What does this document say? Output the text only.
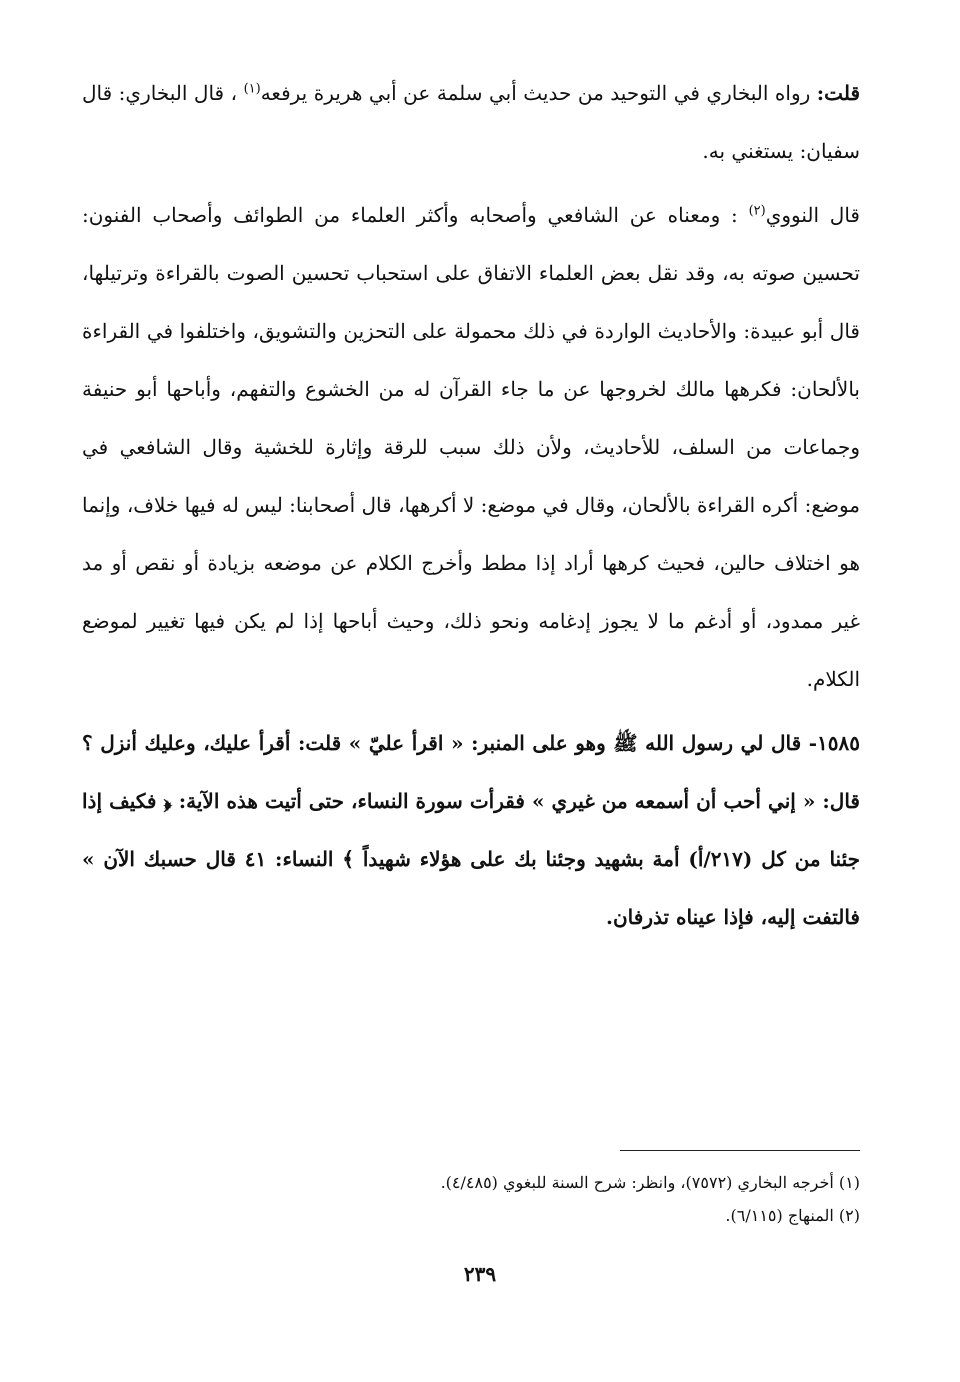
قلت: رواه البخاري في التوحيد من حديث أبي سلمة عن أبي هريرة يرفعه$^{(١)}$ ، قال البخاري: قال سفيان: يستغني به.

قال النووي$^{(٢)}$ : ومعناه عن الشافعي وأصحابه وأكثر العلماء من الطوائف وأصحاب الفنون: تحسين صوته به، وقد نقل بعض العلماء الاتفاق على استحباب تحسين الصوت بالقراءة وترتيلها، قال أبو عبيدة: والأحاديث الواردة في ذلك محمولة على التحزين والتشويق، واختلفوا في القراءة بالألحان: فكرهها مالك لخروجها عن ما جاء القرآن له من الخشوع والتفهم، وأباحها أبو حنيفة وجماعات من السلف، للأحاديث، ولأن ذلك سبب للرقة وإثارة للخشية وقال الشافعي في موضع: أكره القراءة بالألحان، وقال في موضع: لا أكرهها، قال أصحابنا: ليس له فيها خلاف، وإنما هو اختلاف حالين، فحيث كرهها أراد إذا مطط وأخرج الكلام عن موضعه بزيادة أو نقص أو مد غير ممدود، أو أدغم ما لا يجوز إدغامه ونحو ذلك، وحيث أباحها إذا لم يكن فيها تغيير لموضع الكلام.

١٥٨٥- قال لي رسول الله ﷺ وهو على المنبر: « اقرأ عليّ » قلت: أقرأ عليك، وعليك أنزل ؟ قال: « إني أحب أن أسمعه من غيري » فقرأت سورة النساء، حتى أتيت هذه الآية: ﴿ فكيف إذا جئنا من كل (٢١٧/أ) أمة بشهيد وجئنا بك على هؤلاء شهيداً ﴾ النساء: ٤١ قال حسبك الآن » فالتفت إليه، فإذا عيناه تذرفان.

(١) أخرجه البخاري (٧٥٧٢)، وانظر: شرح السنة للبغوي (٤/٤٨٥).

(٢) المنهاج (٦/١١٥).

٢٣٩
